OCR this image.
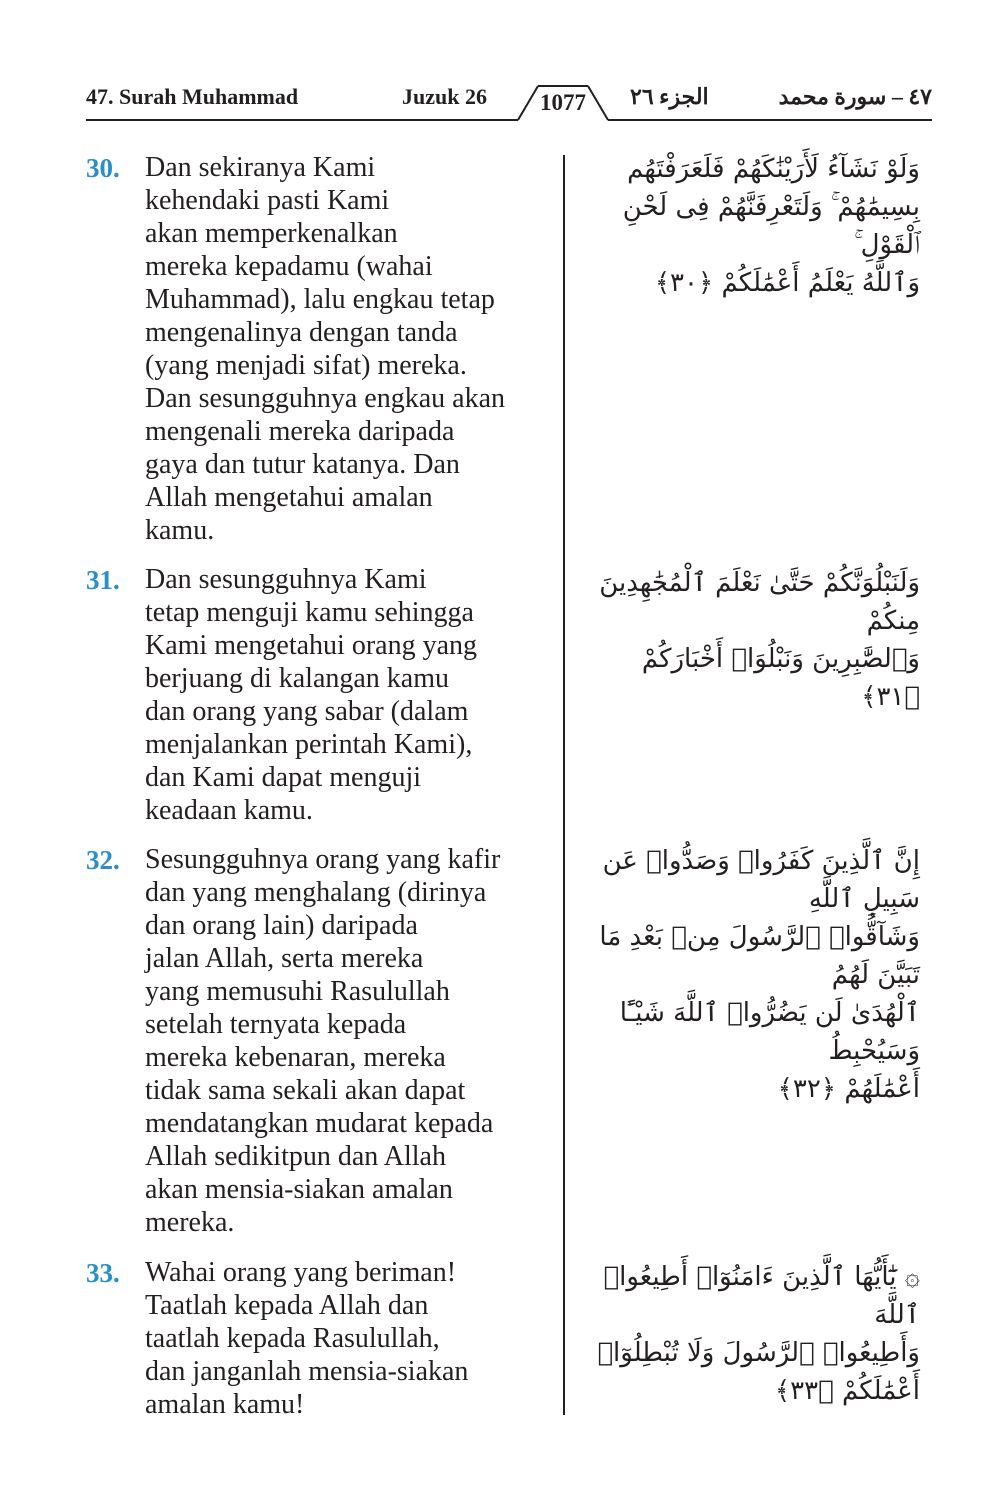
47. Surah Muhammad	Juzuk 26 1077 الجزء ٢٦	٤٧ – سورة محمد
30. Dan sekiranya Kami
kehendaki pasti Kami
akan memperkenalkan
mereka kepadamu (wahai
Muhammad), lalu engkau tetap
mengenalinya dengan tanda
(yang menjadi sifat) mereka.
Dan sesungguhnya engkau akan
mengenali mereka daripada
gaya dan tutur katanya. Dan
Allah mengetahui amalan
kamu.
وَلَوْ نَشَآءُ لَأَرَيْنَٰكَهُمْ فَلَعَرَفْتَهُم
بِسِيمَٰهُمْ ۚ وَلَتَعْرِفَنَّهُمْ فِى لَحْنِ ٱلْقَوْلِ ۚ
وَٱللَّهُ يَعْلَمُ أَعْمَٰلَكُمْ ﴿٣٠﴾
31. Dan sesungguhnya Kami
tetap menguji kamu sehingga
Kami mengetahui orang yang
berjuang di kalangan kamu
dan orang yang sabar (dalam
menjalankan perintah Kami),
dan Kami dapat menguji
keadaan kamu.
وَلَنَبْلُوَنَّكُمْ حَتَّىٰ نَعْلَمَ ٱلْمُجَٰهِدِينَ مِنكُمْ
وَٱلصَّٰبِرِينَ وَنَبْلُوَا۟ أَخْبَارَكُمْ ﴿٣١﴾
32. Sesungguhnya orang yang kafir
dan yang menghalang (dirinya
dan orang lain) daripada
jalan Allah, serta mereka
yang memusuhi Rasulullah
setelah ternyata kepada
mereka kebenaran, mereka
tidak sama sekali akan dapat
mendatangkan mudarat kepada
Allah sedikitpun dan Allah
akan mensia-siakan amalan
mereka.
إِنَّ ٱلَّذِينَ كَفَرُوا۟ وَصَدُّوا۟ عَن سَبِيلِ ٱللَّهِ
وَشَآقُّوا۟ ٱلرَّسُولَ مِنۢ بَعْدِ مَا تَبَيَّنَ لَهُمُ
ٱلْهُدَىٰ لَن يَضُرُّوا۟ ٱللَّهَ شَيْـًٔا وَسَيُحْبِطُ
أَعْمَٰلَهُمْ ﴿٣٢﴾
33. Wahai orang yang beriman!
Taatlah kepada Allah dan
taatlah kepada Rasulullah,
dan janganlah mensia-siakan
amalan kamu!
۞ يَٰٓأَيُّهَا ٱلَّذِينَ ءَامَنُوٓا۟ أَطِيعُوا۟ ٱللَّهَ
وَأَطِيعُوا۟ ٱلرَّسُولَ وَلَا تُبْطِلُوٓا۟ أَعْمَٰلَكُمْ ﴿٣٣﴾
